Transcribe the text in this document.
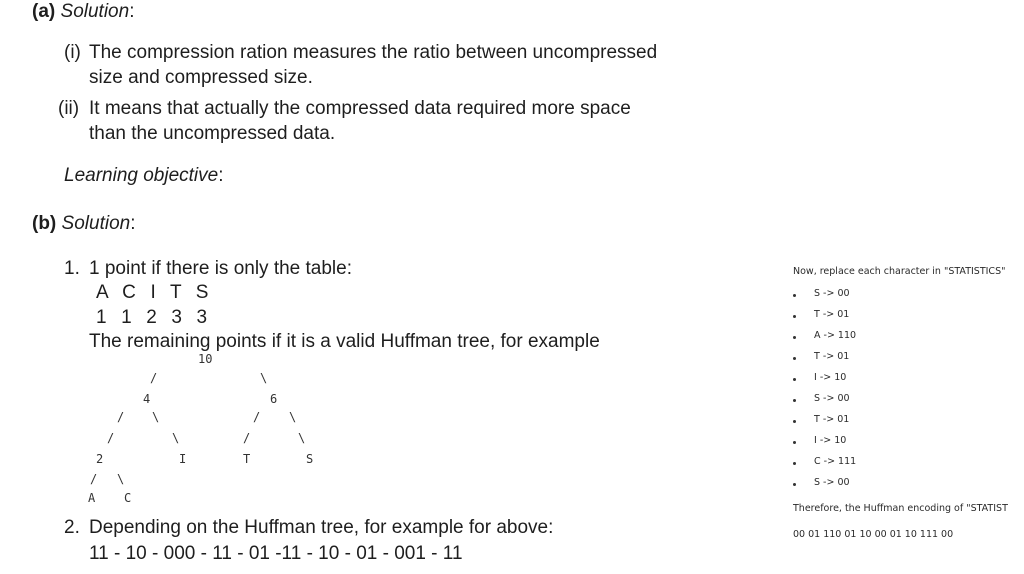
(a) Solution:
(i) The compression ration measures the ratio between uncompressed
size and compressed size.
(ii) It means that actually the compressed data required more space
than the uncompressed data.
Learning objective:
(b) Solution:
1. 1 point if there is only the table:
A  C  I  T  S
1  1  2  3  3
The remaining points if it is a valid Huffman tree, for example
10
/	\
4	6
/ \	/ \
/	\	/	\
2	I	T	S
/ \
A C
2. Depending on the Huffman tree, for example for above:
11 - 10 - 000 - 11 - 01 -11 - 10 - 01 - 001 - 11
Now, replace each character in "STATISTICS"
S -> 00
T -> 01
A -> 110
T -> 01
I -> 10
S -> 00
T -> 01
I -> 10
C -> 111
S -> 00
Therefore, the Huffman encoding of "STATIST
00 01 110 01 10 00 01 10 111 00
